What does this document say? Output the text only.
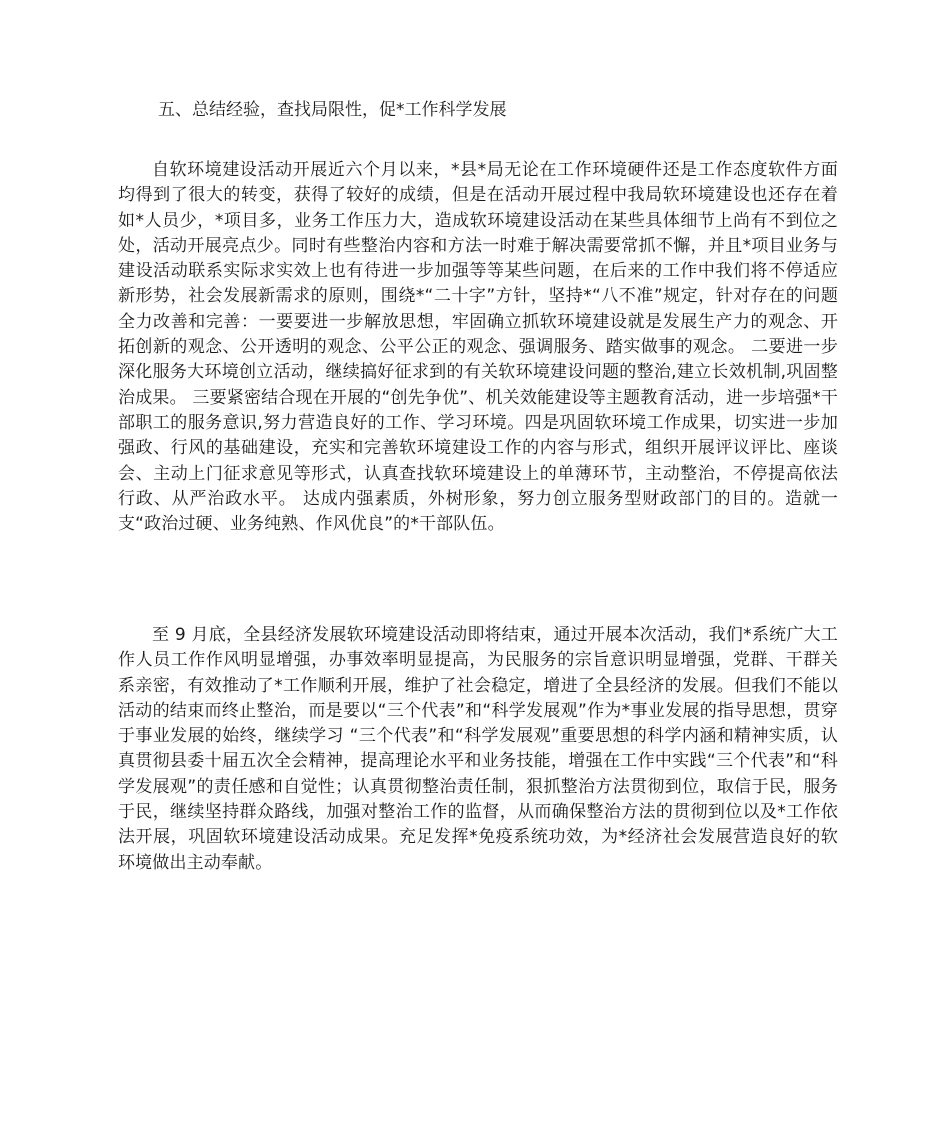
五、总结经验，查找局限性，促*工作科学发展
自软环境建设活动开展近六个月以来，*县*局无论在工作环境硬件还是工作态度软件方面均得到了很大的转变，获得了较好的成绩，但是在活动开展过程中我局软环境建设也还存在着如*人员少，*项目多，业务工作压力大，造成软环境建设活动在某些具体细节上尚有不到位之处，活动开展亮点少。同时有些整治内容和方法一时难于解决需要常抓不懈，并且*项目业务与建设活动联系实际求实效上也有待进一步加强等等某些问题，在后来的工作中我们将不停适应新形势，社会发展新需求的原则，围绕*“二十字”方针，坚持*“八不准”规定，针对存在的问题全力改善和完善：一要要进一步解放思想，牢固确立抓软环境建设就是发展生产力的观念、开拓创新的观念、公开透明的观念、公平公正的观念、强调服务、踏实做事的观念。 二要进一步深化服务大环境创立活动，继续搞好征求到的有关软环境建设问题的整治,建立长效机制,巩固整治成果。 三要紧密结合现在开展的“创先争优”、机关效能建设等主题教育活动，进一步培强*干部职工的服务意识,努力营造良好的工作、学习环境。四是巩固软环境工作成果，切实进一步加强政、行风的基础建设，充实和完善软环境建设工作的内容与形式，组织开展评议评比、座谈会、主动上门征求意见等形式，认真查找软环境建设上的单薄环节，主动整治，不停提高依法行政、从严治政水平。 达成内强素质，外树形象，努力创立服务型财政部门的目的。造就一支“政治过硬、业务纯熟、作风优良”的*干部队伍。
至 9 月底，全县经济发展软环境建设活动即将结束，通过开展本次活动，我们*系统广大工作人员工作作风明显增强，办事效率明显提高，为民服务的宗旨意识明显增强，党群、干群关系亲密，有效推动了*工作顺利开展，维护了社会稳定，增进了全县经济的发展。但我们不能以活动的结束而终止整治，而是要以“三个代表”和“科学发展观”作为*事业发展的指导思想，贯穿于事业发展的始终，继续学习 “三个代表”和“科学发展观”重要思想的科学内涵和精神实质，认真贯彻县委十届五次全会精神，提高理论水平和业务技能，增强在工作中实践“三个代表”和“科学发展观”的责任感和自觉性；认真贯彻整治责任制，狠抓整治方法贯彻到位，取信于民，服务于民，继续坚持群众路线，加强对整治工作的监督，从而确保整治方法的贯彻到位以及*工作依法开展，巩固软环境建设活动成果。充足发挥*免疫系统功效，为*经济社会发展营造良好的软环境做出主动奉献。
